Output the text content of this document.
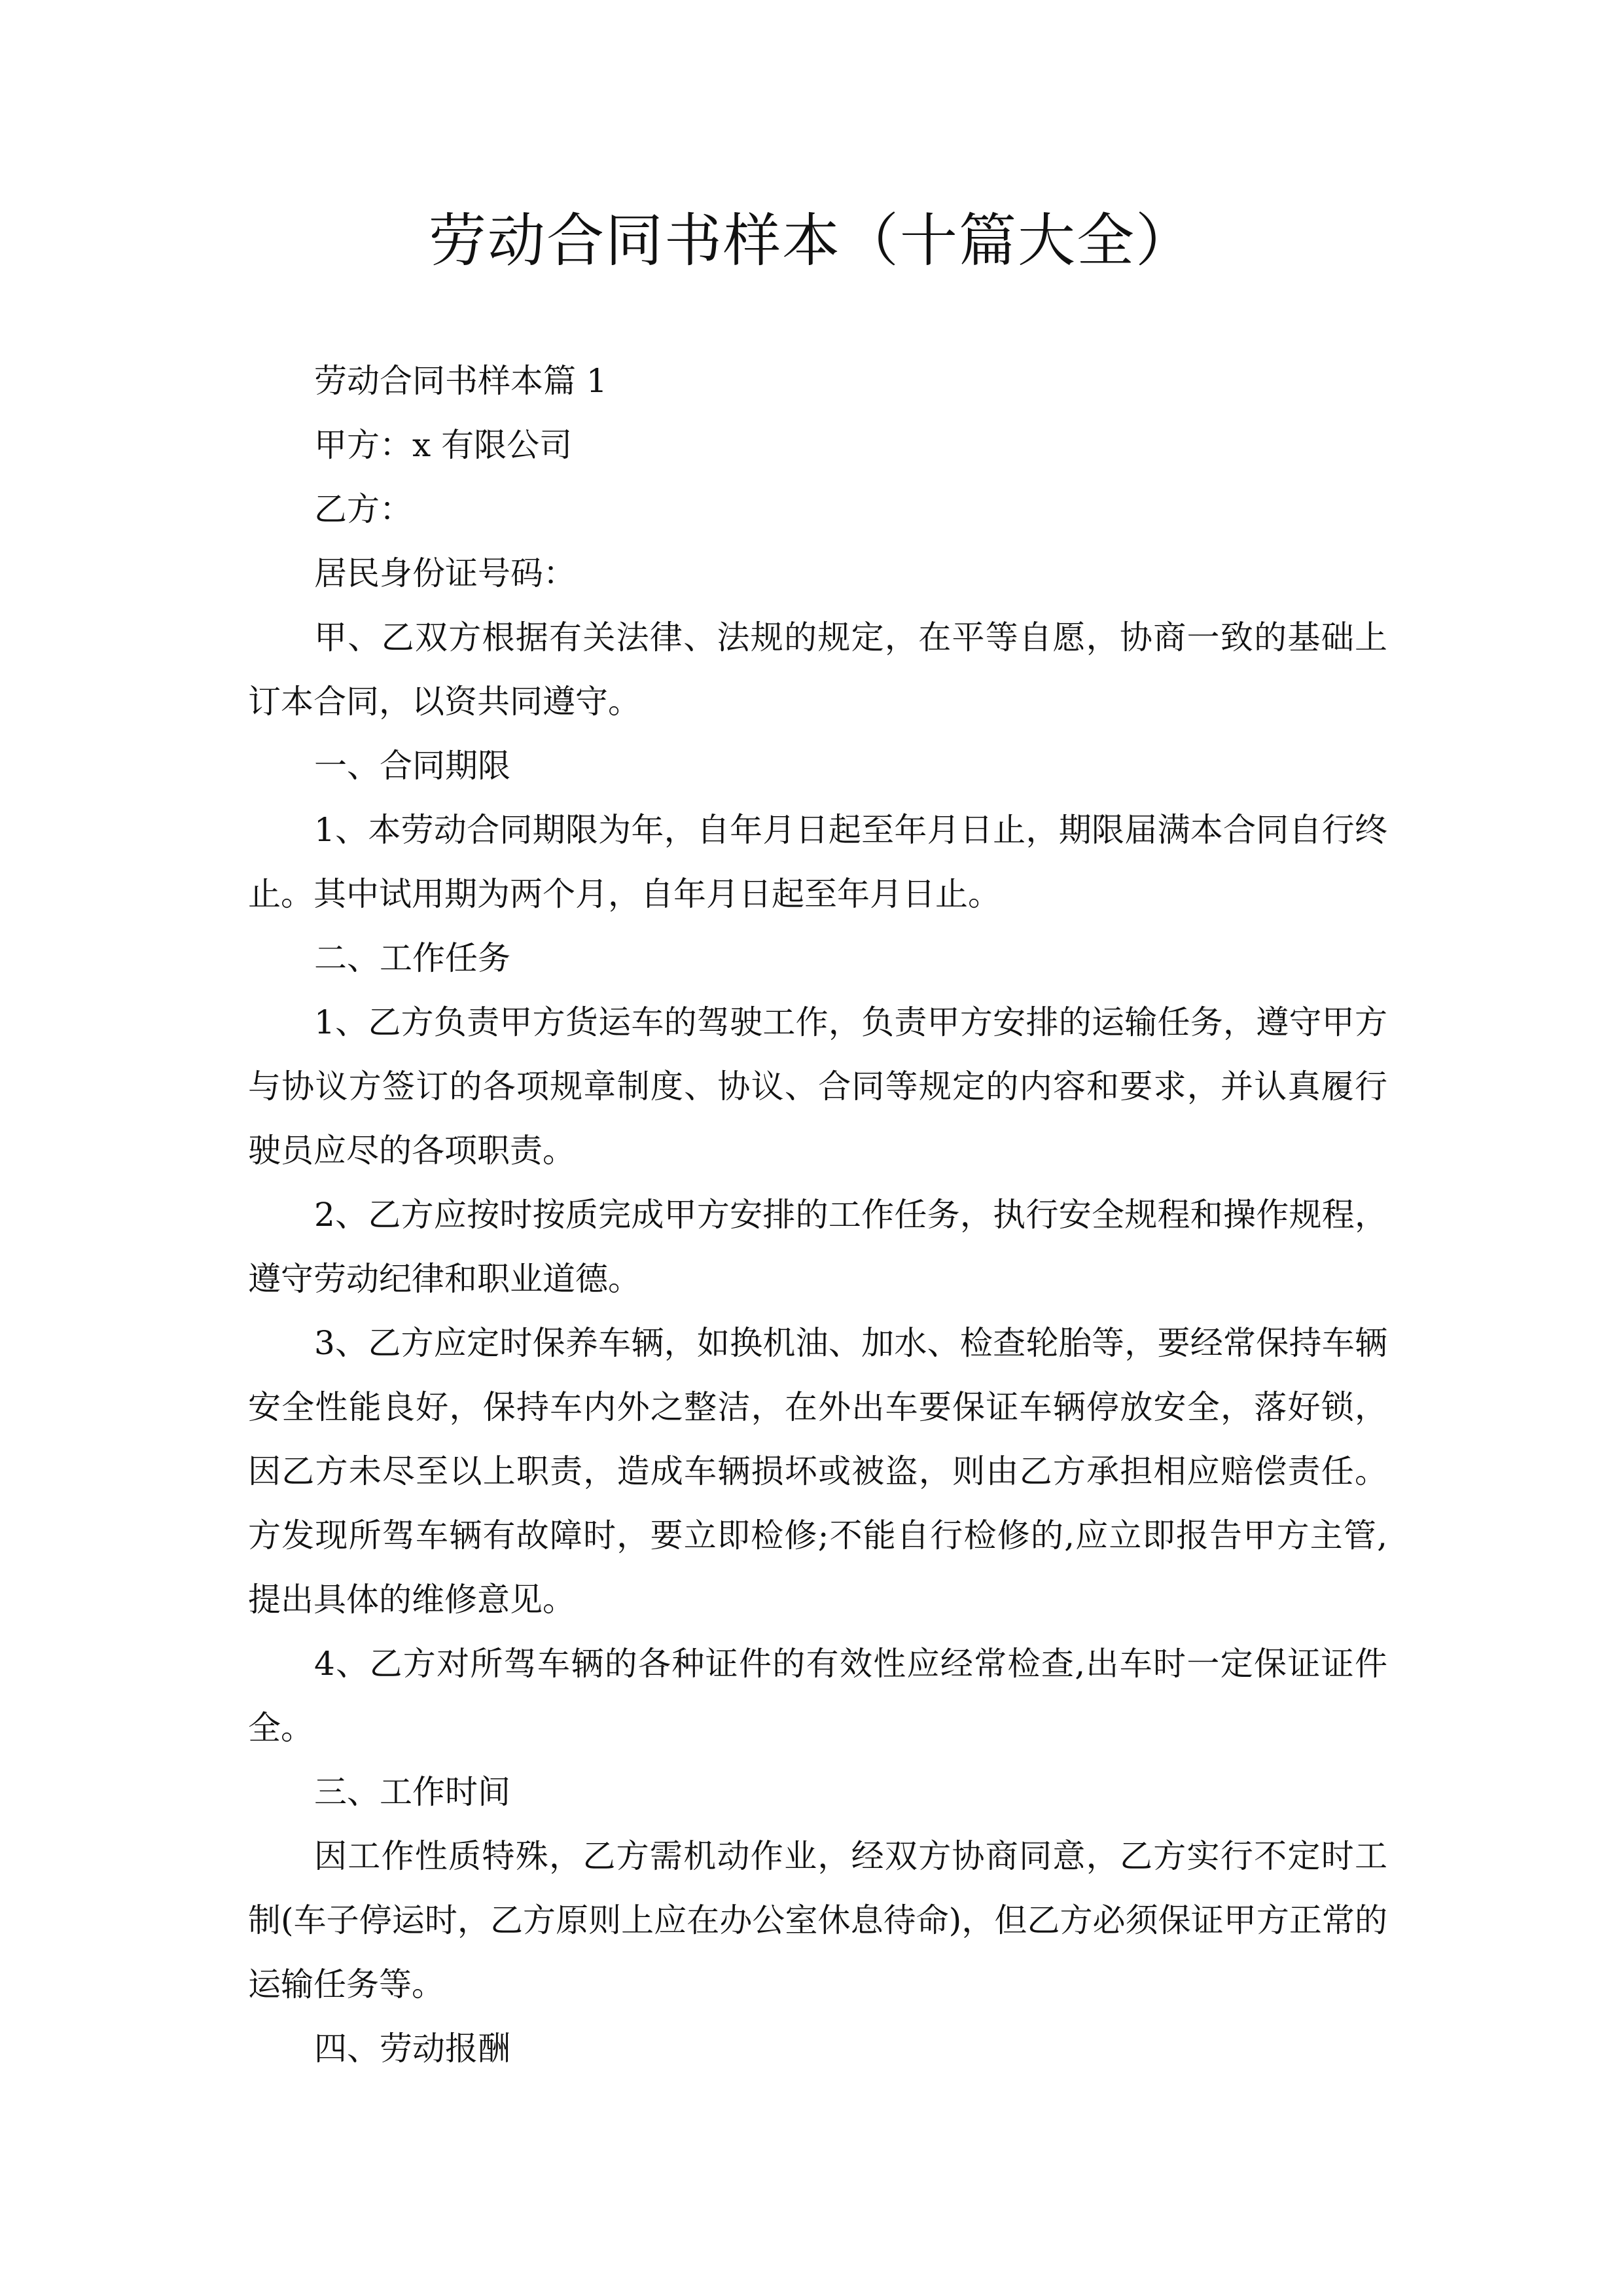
劳动合同书样本（十篇大全）
劳动合同书样本篇 1
甲方：x 有限公司
乙方：
居民身份证号码：
甲、乙双方根据有关法律、法规的规定，在平等自愿，协商一致的基础上
订本合同，以资共同遵守。
一、合同期限
1、本劳动合同期限为年，自年月日起至年月日止，期限届满本合同自行终
止。其中试用期为两个月，自年月日起至年月日止。
二、工作任务
1、乙方负责甲方货运车的驾驶工作，负责甲方安排的运输任务，遵守甲方
与协议方签订的各项规章制度、协议、合同等规定的内容和要求，并认真履行
驶员应尽的各项职责。
2、乙方应按时按质完成甲方安排的工作任务，执行安全规程和操作规程，
遵守劳动纪律和职业道德。
3、乙方应定时保养车辆，如换机油、加水、检查轮胎等，要经常保持车辆
安全性能良好，保持车内外之整洁，在外出车要保证车辆停放安全，落好锁，
因乙方未尽至以上职责，造成车辆损坏或被盗，则由乙方承担相应赔偿责任。
方发现所驾车辆有故障时，要立即检修;不能自行检修的,应立即报告甲方主管,
提出具体的维修意见。
4、乙方对所驾车辆的各种证件的有效性应经常检查,出车时一定保证证件
全。
三、工作时间
因工作性质特殊，乙方需机动作业，经双方协商同意，乙方实行不定时工
制(车子停运时，乙方原则上应在办公室休息待命)，但乙方必须保证甲方正常的
运输任务等。
四、劳动报酬
